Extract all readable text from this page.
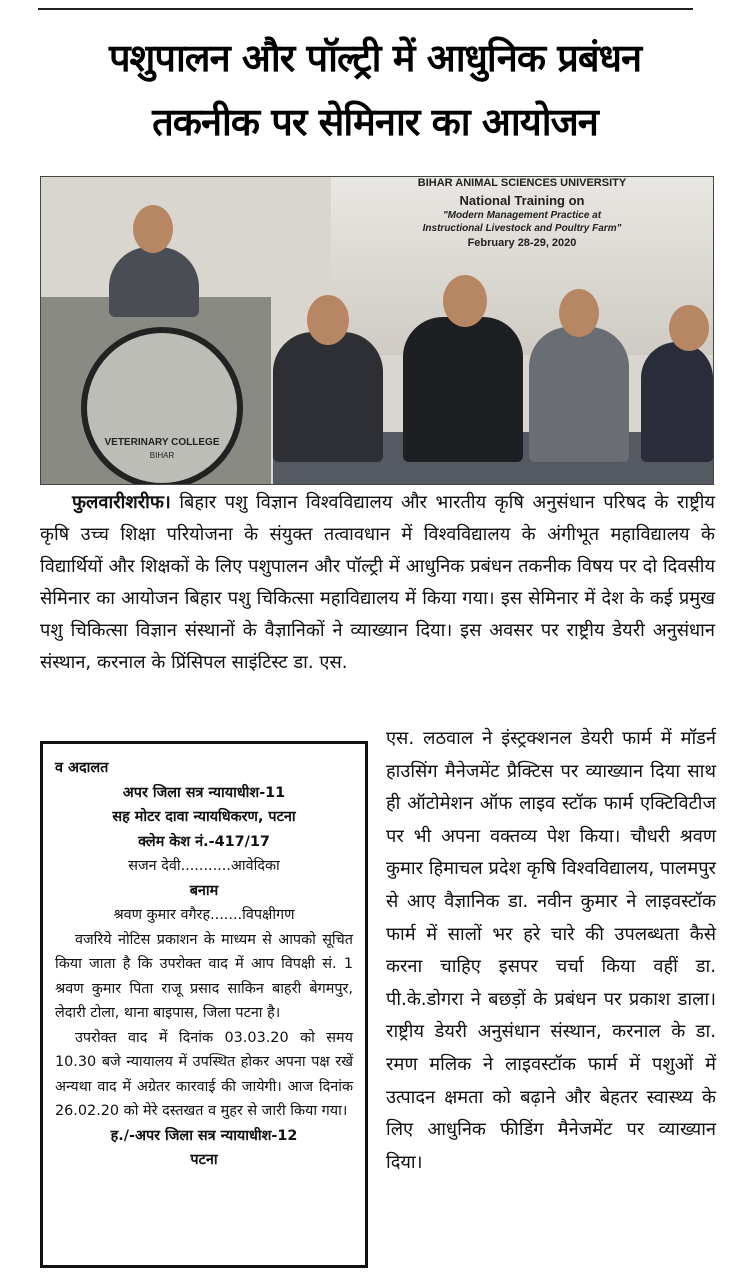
पशुपालन और पॉल्ट्री में आधुनिक प्रबंधन
तकनीक पर सेमिनार का आयोजन
BIHAR ANIMAL SCIENCES UNIVERSITY
National Training on
"Modern Management Practice at
Instructional Livestock and Poultry Farm"
February 28-29, 2020
VETERINARY COLLEGE
BIHAR
फुलवारीशरीफ। बिहार पशु विज्ञान विश्वविद्यालय और भारतीय कृषि अनुसंधान परिषद के राष्ट्रीय कृषि उच्च शिक्षा परियोजना के संयुक्त तत्वावधान में विश्वविद्यालय के अंगीभूत महाविद्यालय के विद्यार्थियों और शिक्षकों के लिए पशुपालन और पॉल्ट्री में आधुनिक प्रबंधन तकनीक विषय पर दो दिवसीय सेमिनार का आयोजन बिहार पशु चिकित्सा महाविद्यालय में किया गया। इस सेमिनार में देश के कई प्रमुख पशु चिकित्सा विज्ञान संस्थानों के वैज्ञानिकों ने व्याख्यान दिया। इस अवसर पर राष्ट्रीय डेयरी अनुसंधान संस्थान, करनाल के प्रिंसिपल साइंटिस्ट डा. एस.
व अदालत
अपर जिला सत्र न्यायाधीश-11
सह मोटर दावा न्यायधिकरण, पटना
क्लेम केश नं.-417/17
सजन देवी...........आवेदिका
बनाम
श्रवण कुमार वगैरह.......विपक्षीगण
वजरिये नोटिस प्रकाशन के माध्यम से आपको सूचित किया जाता है कि उपरोक्त वाद में आप विपक्षी सं. 1 श्रवण कुमार पिता राजू प्रसाद साकिन बाहरी बेगमपुर, लेदारी टोला, थाना बाइपास, जिला पटना है।
उपरोक्त वाद में दिनांक 03.03.20 को समय 10.30 बजे न्यायालय में उपस्थित होकर अपना पक्ष रखें अन्यथा वाद में अग्रेतर कारवाई की जायेगी। आज दिनांक 26.02.20 को मेरे दस्तखत व मुहर से जारी किया गया।
ह./-अपर जिला सत्र न्यायाधीश-12
पटना
एस. लठवाल ने इंस्ट्रक्शनल डेयरी फार्म में मॉडर्न हाउसिंग मैनेजमेंट प्रैक्टिस पर व्याख्यान दिया साथ ही ऑटोमेशन ऑफ लाइव स्टॉक फार्म एक्टिविटीज पर भी अपना वक्तव्य पेश किया। चौधरी श्रवण कुमार हिमाचल प्रदेश कृषि विश्वविद्यालय, पालमपुर से आए वैज्ञानिक डा. नवीन कुमार ने लाइवस्टॉक फार्म में सालों भर हरे चारे की उपलब्धता कैसे करना चाहिए इसपर चर्चा किया वहीं डा. पी.के.डोगरा ने बछड़ों के प्रबंधन पर प्रकाश डाला। राष्ट्रीय डेयरी अनुसंधान संस्थान, करनाल के डा. रमण मलिक ने लाइवस्टॉक फार्म में पशुओं में उत्पादन क्षमता को बढ़ाने और बेहतर स्वास्थ्य के लिए आधुनिक फीडिंग मैनेजमेंट पर व्याख्यान दिया।
